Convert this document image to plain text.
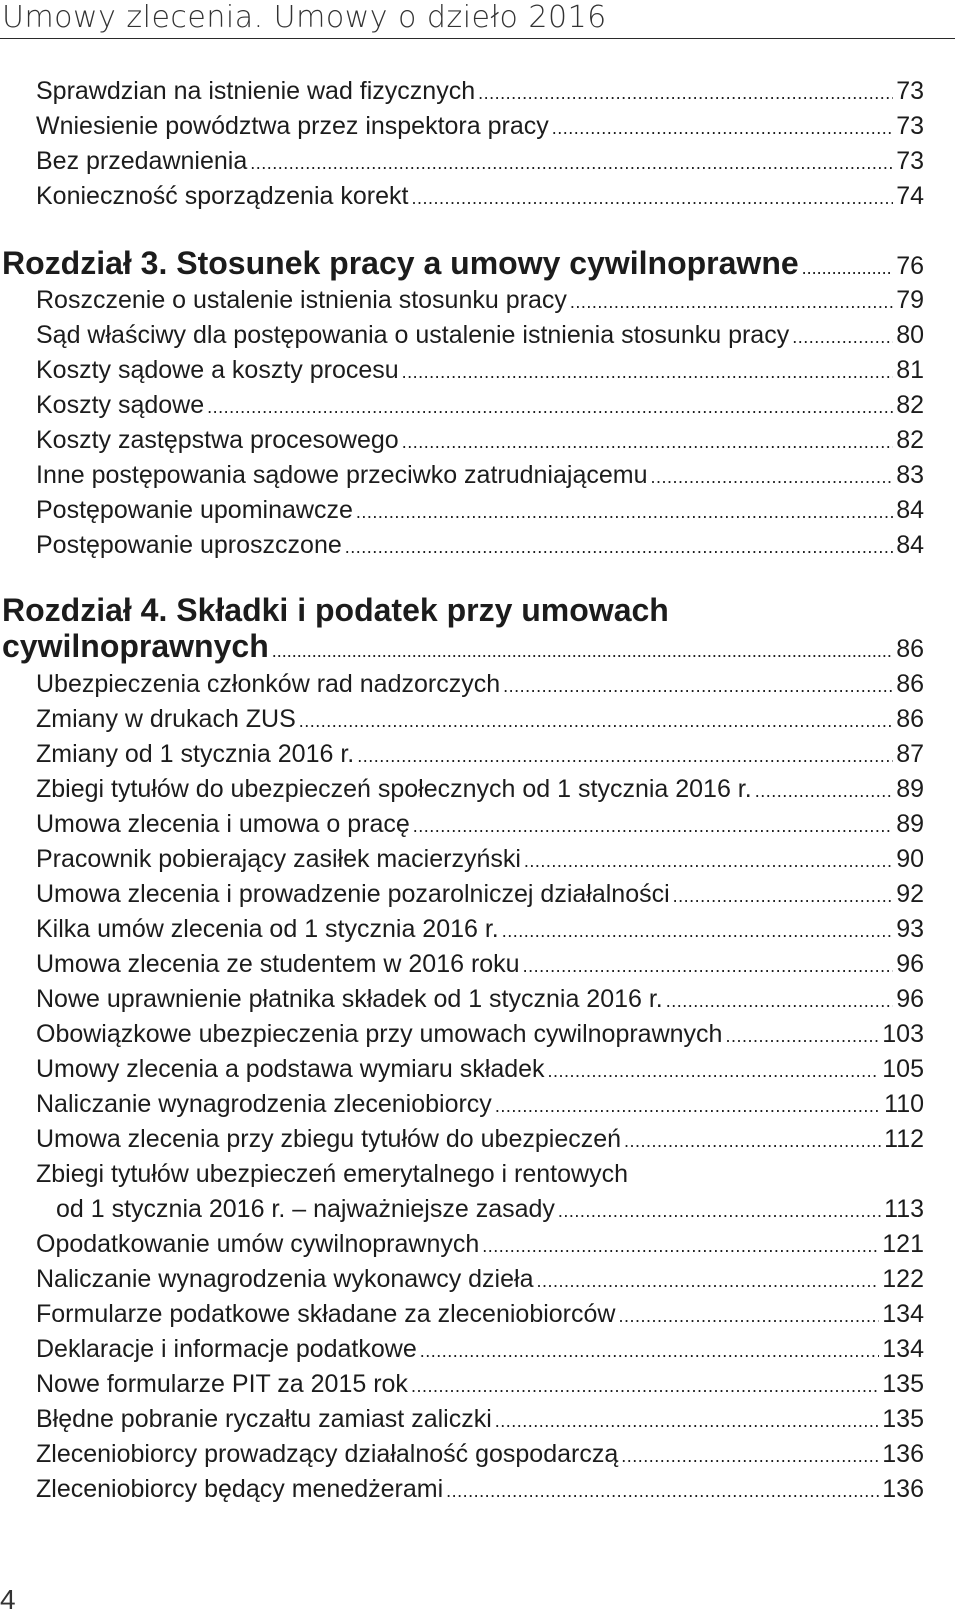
Umowy zlecenia. Umowy o dzieło 2016
Sprawdzian na istnienie wad fizycznych .....	73
Wniesienie powództwa przez inspektora pracy .....	73
Bez przedawnienia .....	73
Konieczność sporządzenia korekt .....	74
Rozdział 3. Stosunek pracy a umowy cywilnoprawne .....	76
Roszczenie o ustalenie istnienia stosunku pracy .....	79
Sąd właściwy dla postępowania o ustalenie istnienia stosunku pracy .....	80
Koszty sądowe a koszty procesu .....	81
Koszty sądowe .....	82
Koszty zastępstwa procesowego .....	82
Inne postępowania sądowe przeciwko zatrudniającemu .....	83
Postępowanie upominawcze .....	84
Postępowanie uproszczone .....	84
Rozdział 4. Składki i podatek przy umowach
cywilnoprawnych .....	86
Ubezpieczenia członków rad nadzorczych .....	86
Zmiany w drukach ZUS .....	86
Zmiany od 1 stycznia 2016 r. .....	87
Zbiegi tytułów do ubezpieczeń społecznych od 1 stycznia 2016 r. .....	89
Umowa zlecenia i umowa o pracę .....	89
Pracownik pobierający zasiłek macierzyński .....	90
Umowa zlecenia i prowadzenie pozarolniczej działalności .....	92
Kilka umów zlecenia od 1 stycznia 2016 r. .....	93
Umowa zlecenia ze studentem w 2016 roku .....	96
Nowe uprawnienie płatnika składek od 1 stycznia 2016 r. .....	96
Obowiązkowe ubezpieczenia przy umowach cywilnoprawnych .....	103
Umowy zlecenia a podstawa wymiaru składek .....	105
Naliczanie wynagrodzenia zleceniobiorcy .....	110
Umowa zlecenia przy zbiegu tytułów do ubezpieczeń .....	112
Zbiegi tytułów ubezpieczeń emerytalnego i rentowych
od 1 stycznia 2016 r. – najważniejsze zasady .....	113
Opodatkowanie umów cywilnoprawnych .....	121
Naliczanie wynagrodzenia wykonawcy dzieła .....	122
Formularze podatkowe składane za zleceniobiorców .....	134
Deklaracje i informacje podatkowe .....	134
Nowe formularze PIT za 2015 rok .....	135
Błędne pobranie ryczałtu zamiast zaliczki .....	135
Zleceniobiorcy prowadzący działalność gospodarczą .....	136
Zleceniobiorcy będący menedżerami .....	136
4
